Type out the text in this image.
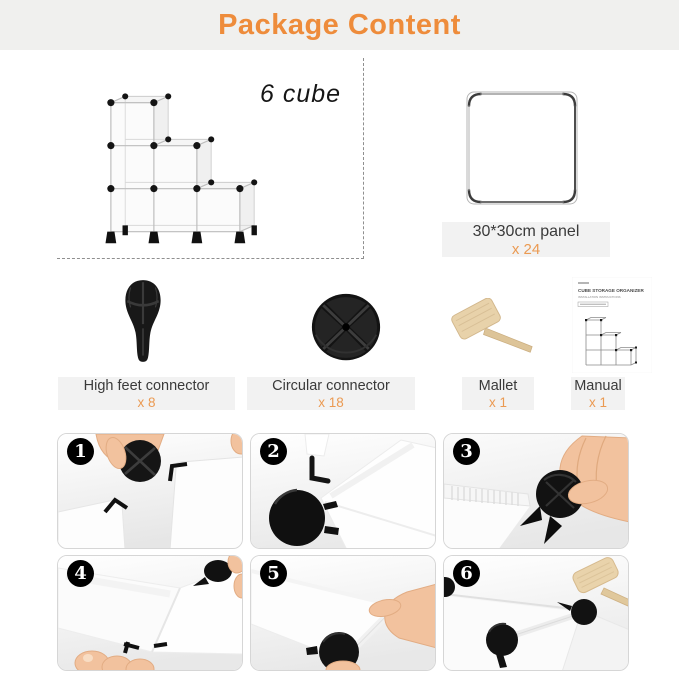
Package Content
6 cube
30*30cm panel
x 24
High feet connector
x 8
Circular connector
x 18
Mallet
x 1
CUBE STORAGE ORGANIZER
INSTALLATION INSTRUCTIONS
Manual
x 1
1	2	3
4	5	6
